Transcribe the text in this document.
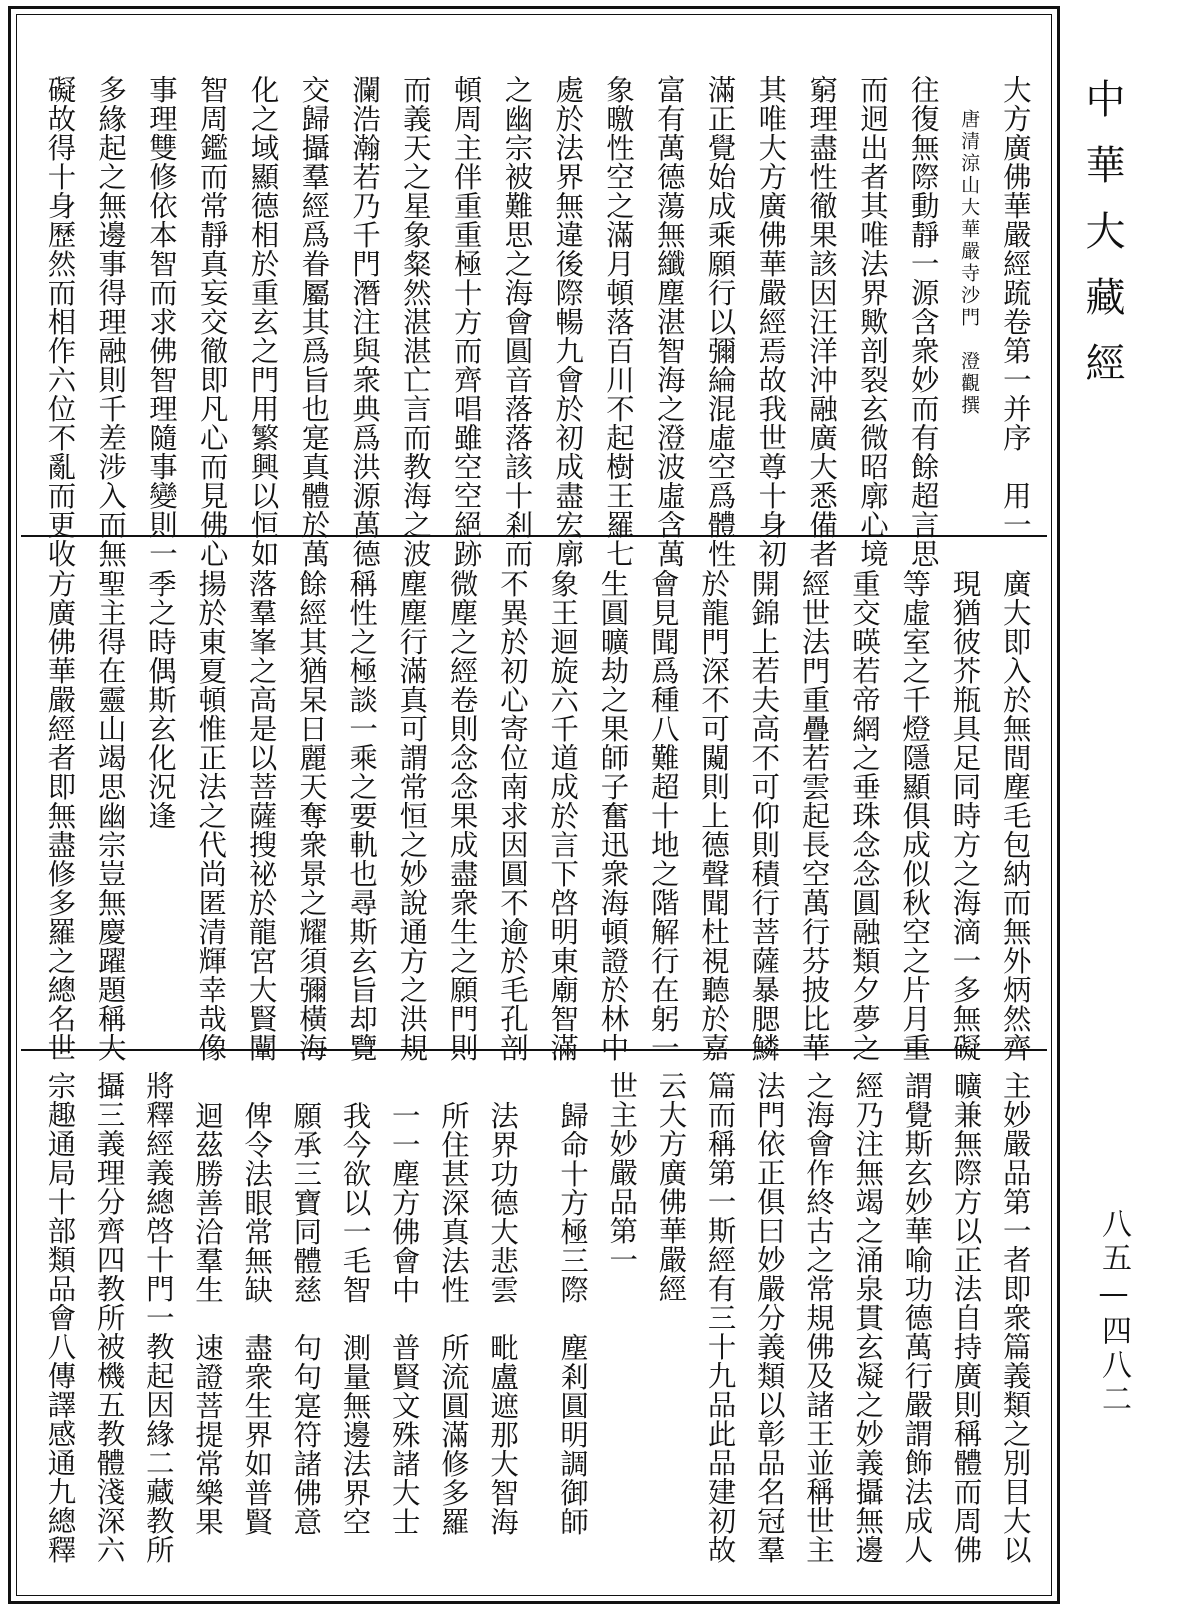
大方廣佛華嚴經䟽卷第一并序　用一
唐清涼山大華嚴寺沙門　澄觀撰
往復無際動靜一源含衆妙而有餘超言思
而迥出者其唯法界歟剖裂玄微昭廓心境
窮理盡性徹果該因汪洋沖融廣大悉備者
其唯大方廣佛華嚴經焉故我世尊十身初
滿正覺始成乘願行以彌綸混虛空爲體性
富有萬德蕩無纖塵湛智海之澄波虛含萬
象曒性空之滿月頓落百川不起樹王羅七
處於法界無違後際暢九會於初成盡宏廓
之幽宗被難思之海會圓音落落該十剎而
頓周主伴重重極十方而齊唱雖空空絕跡
而義天之星象粲然湛湛亡言而教海之波
瀾浩瀚若乃千門潛注與衆典爲洪源萬德
交歸攝羣經爲眷屬其爲旨也寔真體於萬
化之域顯德相於重玄之門用繁興以恒如
智周鑑而常靜真妄交徹即凡心而見佛心
事理雙修依本智而求佛智理隨事變則一
多緣起之無邊事得理融則千差涉入而無
礙故得十身歷然而相作六位不亂而更收
廣大即入於無間塵毛包納而無外炳然齊
現猶彼芥瓶具足同時方之海滴一多無礙
等虛室之千燈隱顯俱成似秋空之片月重
重交暎若帝網之垂珠念念圓融類夕夢之
經世法門重疊若雲起長空萬行芬披比華
開錦上若夫高不可仰則積行菩薩暴腮鱗
於龍門深不可闚則上德聲聞杜視聽於嘉
會見聞爲種八難超十地之階解行在躬一
生圓曠劫之果師子奮迅衆海頓證於林中
象王迴旋六千道成於言下啓明東廟智滿
不異於初心寄位南求因圓不逾於毛孔剖
微塵之經卷則念念果成盡衆生之願門則
塵塵行滿真可謂常恒之妙說通方之洪規
稱性之極談一乘之要軌也尋斯玄旨却覽
餘經其猶杲日麗天奪衆景之耀須彌橫海
落羣峯之高是以菩薩搜祕於龍宮大賢闡
揚於東夏頓惟正法之代尚匿清輝幸哉像
季之時偶斯玄化況逢
聖主得在靈山竭思幽宗豈無慶躍題稱大
方廣佛華嚴經者即無盡修多羅之總名世
主妙嚴品第一者即衆篇義類之別目大以
曠兼無際方以正法自持廣則稱體而周佛
謂覺斯玄妙華喻功德萬行嚴謂飾法成人
經乃注無竭之涌泉貫玄凝之妙義攝無邊
之海會作終古之常規佛及諸王並稱世主
法門依正俱曰妙嚴分義類以彰品名冠羣
篇而稱第一斯經有三十九品此品建初故
云大方廣佛華嚴經
世主妙嚴品第一
歸命十方極三際　塵剎圓明調御師
法界功德大悲雲　毗盧遮那大智海
所住甚深真法性　所流圓滿修多羅
一一塵方佛會中　普賢文殊諸大士
我今欲以一毛智　測量無邊法界空
願承三寶同體慈　句句寔符諸佛意
俾令法眼常無缺　盡衆生界如普賢
迴茲勝善洽羣生　速證菩提常樂果
將釋經義總啓十門一教起因緣二藏教所
攝三義理分齊四教所被機五教體淺深六
宗趣通局十部類品會八傳譯感通九總釋
中華大藏經
八五—四八二
